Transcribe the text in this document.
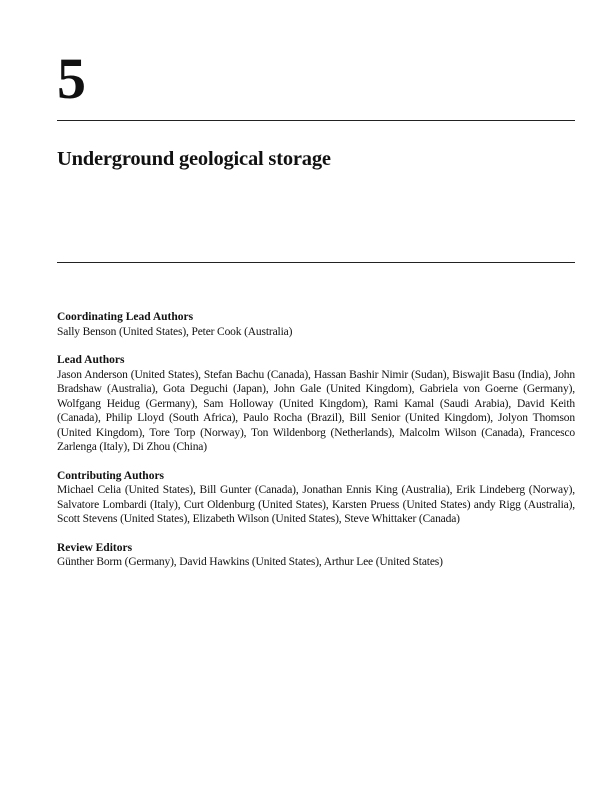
5
Underground geological storage

Coordinating Lead Authors

Sally Benson (United States), Peter Cook (Australia)

Lead Authors

Jason Anderson (United States), Stefan Bachu (Canada), Hassan Bashir Nimir (Sudan), Biswajit Basu (India), John Bradshaw (Australia), Gota Deguchi (Japan), John Gale (United Kingdom), Gabriela von Goerne (Germany), Wolfgang Heidug (Germany), Sam Holloway (United Kingdom), Rami Kamal (Saudi Arabia), David Keith (Canada), Philip Lloyd (South Africa), Paulo Rocha (Brazil), Bill Senior (United Kingdom), Jolyon Thomson (United Kingdom), Tore Torp (Norway), Ton Wildenborg (Netherlands), Malcolm Wilson (Canada), Francesco Zarlenga (Italy), Di Zhou (China)

Contributing Authors

Michael Celia (United States), Bill Gunter (Canada), Jonathan Ennis King (Australia), Erik Lindeberg (Norway), Salvatore Lombardi (Italy), Curt Oldenburg (United States), Karsten Pruess (United States) andy Rigg (Australia), Scott Stevens (United States), Elizabeth Wilson (United States), Steve Whittaker (Canada)

Review Editors

Günther Borm (Germany), David Hawkins (United States), Arthur Lee (United States)
